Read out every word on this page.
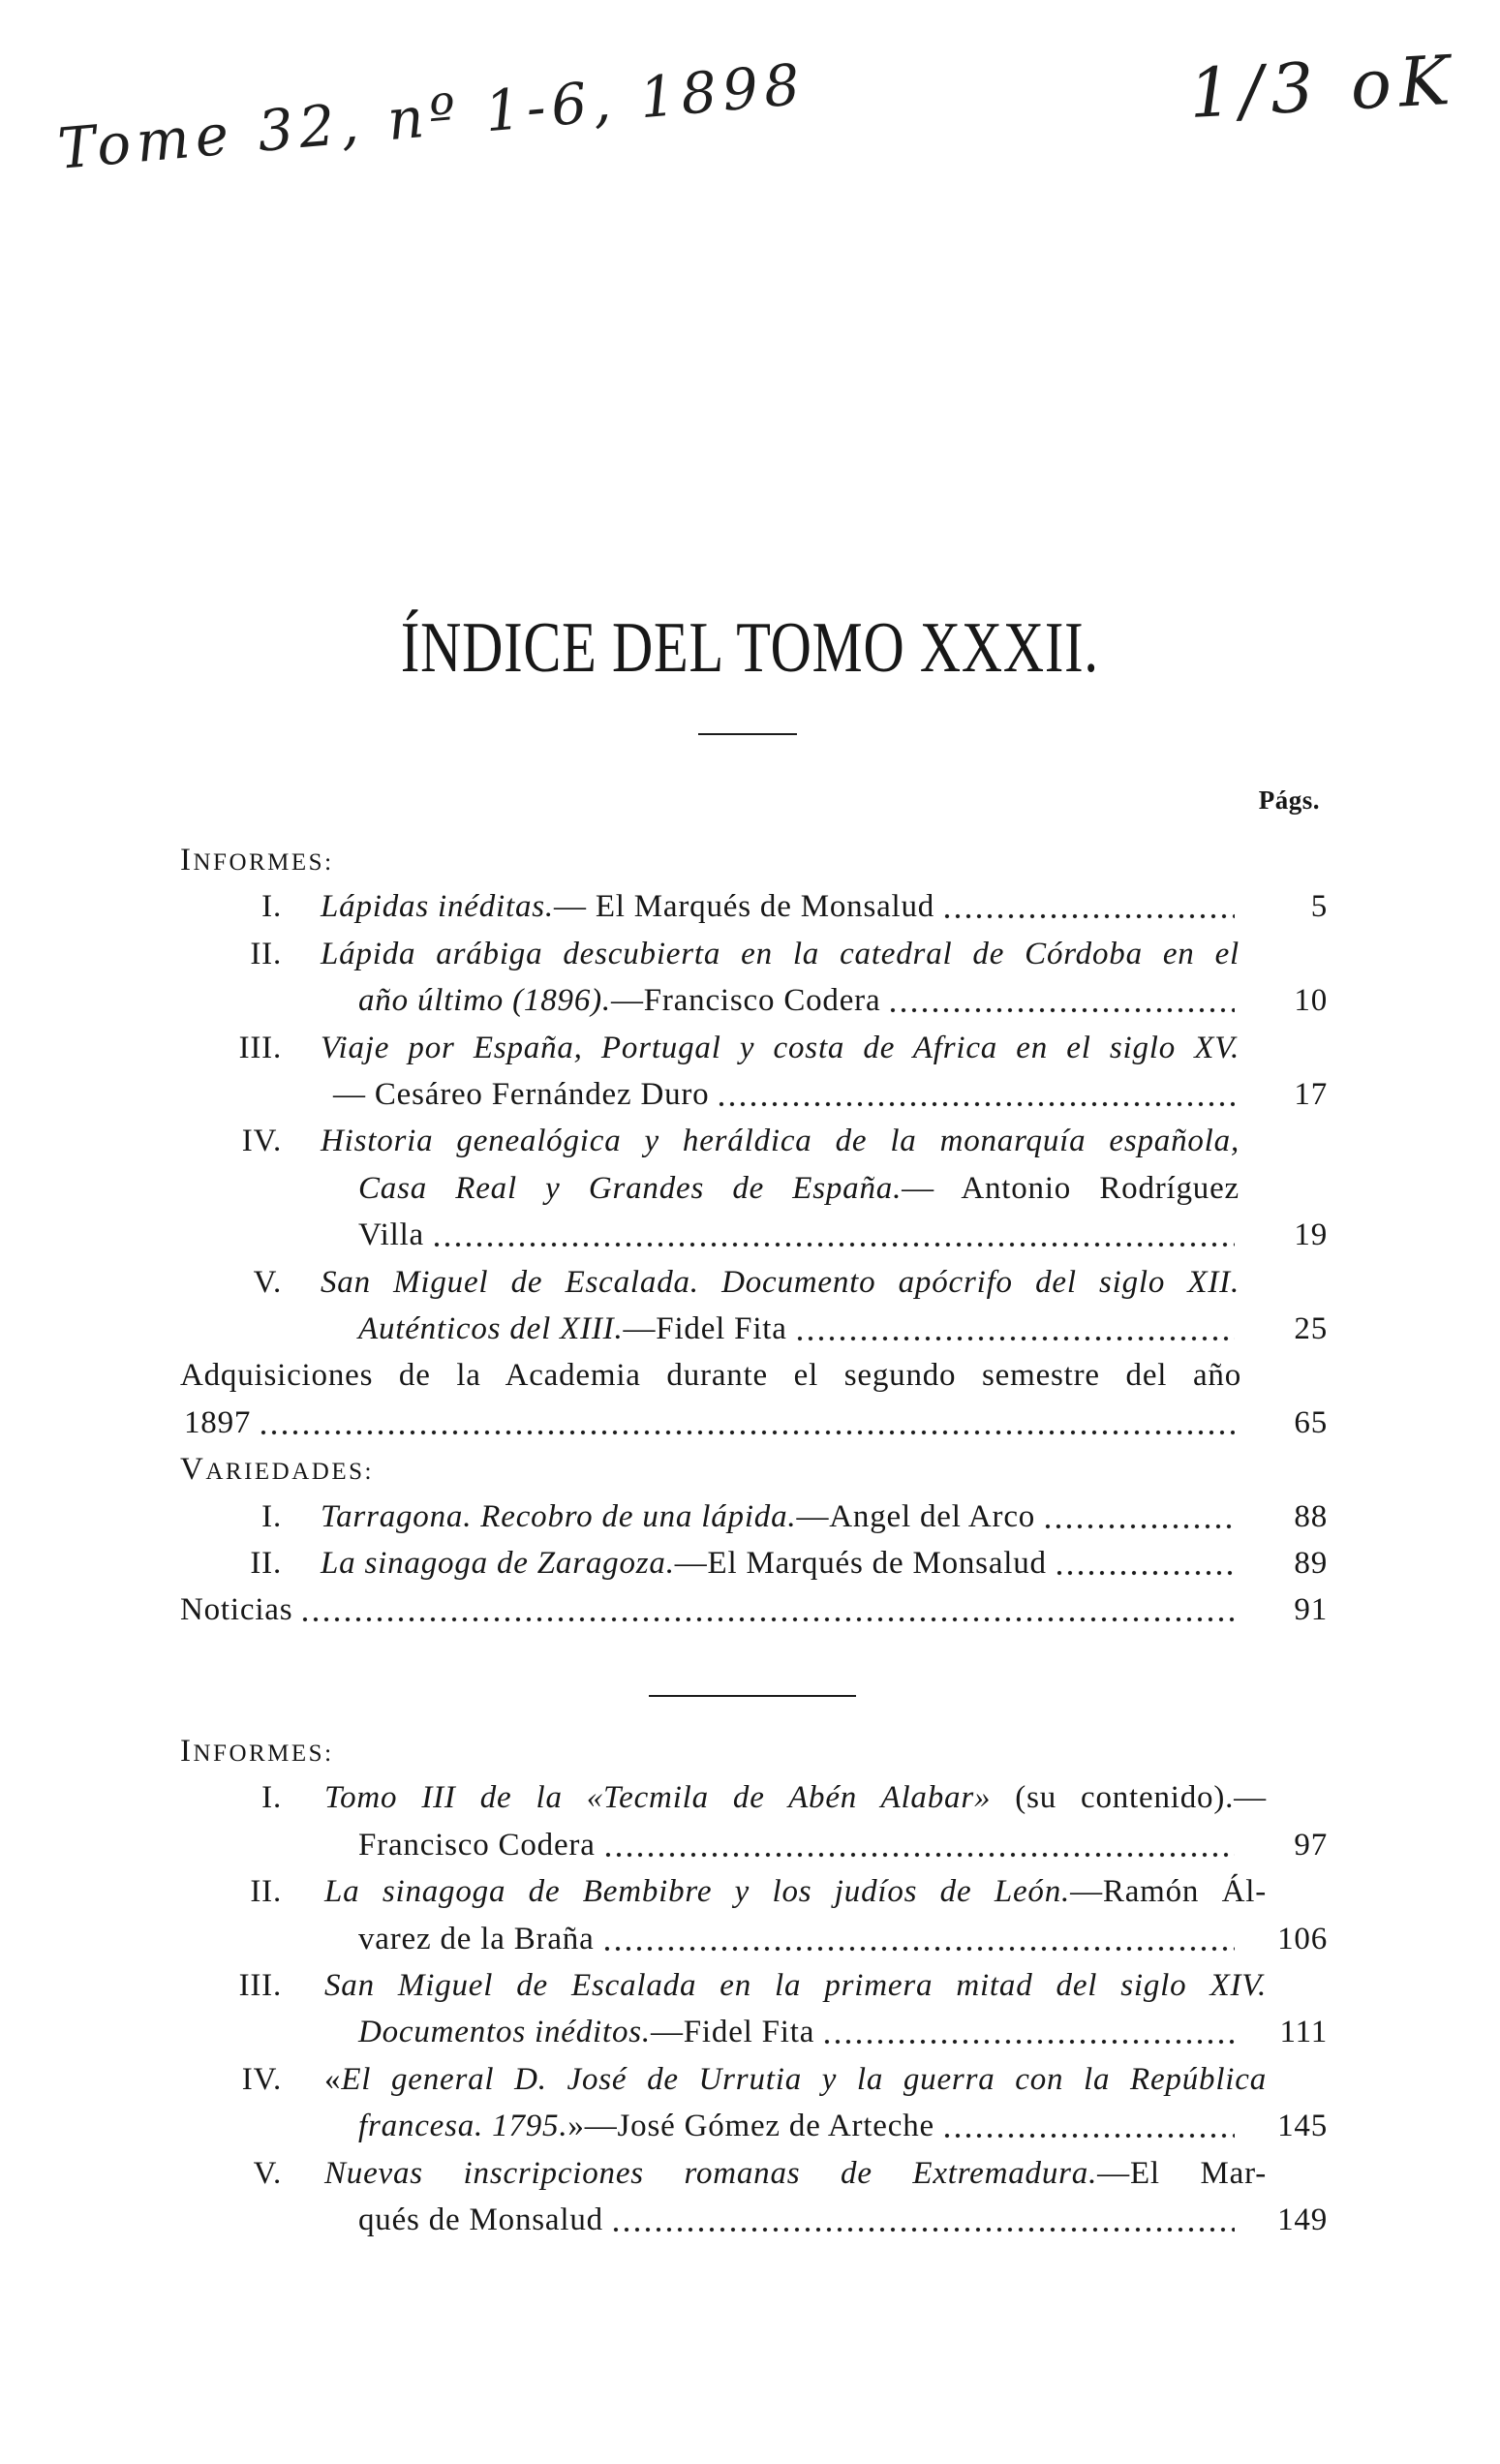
Tome 32, nº 1-6, 1898	1/3 oK
ÍNDICE DEL TOMO XXXII.
Págs.
INFORMES:
I. Lápidas inéditas.— El Marqués de Monsalud	5
II. Lápida arábiga descubierta en la catedral de Córdoba en el
año último (1896).—Francisco Codera	10
III. Viaje por España, Portugal y costa de Africa en el siglo XV.
— Cesáreo Fernández Duro	17
IV. Historia genealógica y heráldica de la monarquía española,
Casa Real y Grandes de España.— Antonio Rodríguez
Villa	19
V. San Miguel de Escalada. Documento apócrifo del siglo XII.
Auténticos del XIII.—Fidel Fita	25
Adquisiciones de la Academia durante el segundo semestre del año
1897	65
VARIEDADES:
I. Tarragona. Recobro de una lápida.—Angel del Arco	88
II. La sinagoga de Zaragoza.—El Marqués de Monsalud	89
Noticias	91
INFORMES:
I. Tomo III de la «Tecmila de Abén Alabar» (su contenido).—
Francisco Codera	97
II. La sinagoga de Bembibre y los judíos de León.—Ramón Ál-
varez de la Braña	106
III. San Miguel de Escalada en la primera mitad del siglo XIV.
Documentos inéditos.—Fidel Fita	111
IV. «El general D. José de Urrutia y la guerra con la República
francesa. 1795.»—José Gómez de Arteche	145
V. Nuevas inscripciones romanas de Extremadura.—El Mar-
qués de Monsalud	149
